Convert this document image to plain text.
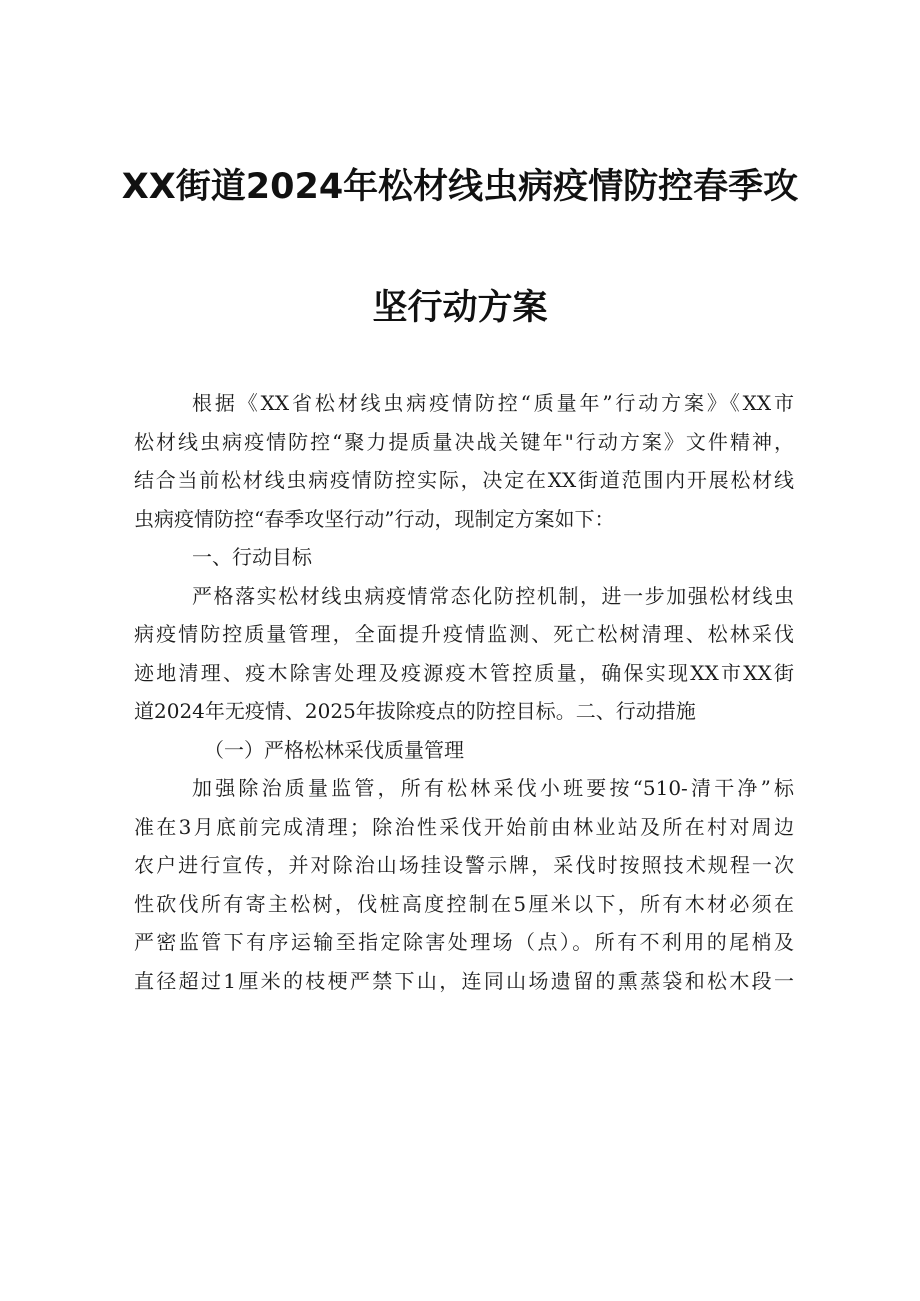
XX街道2024年松材线虫病疫情防控春季攻
坚行动方案

根据《XX省松材线虫病疫情防控“质量年”行动方案》《XX市
松材线虫病疫情防控“聚力提质量决战关键年"行动方案》文件精神，
结合当前松材线虫病疫情防控实际，决定在XX街道范围内开展松材线
虫病疫情防控“春季攻坚行动”行动，现制定方案如下：

一、行动目标

严格落实松材线虫病疫情常态化防控机制，进一步加强松材线虫
病疫情防控质量管理，全面提升疫情监测、死亡松树清理、松林采伐
迹地清理、疫木除害处理及疫源疫木管控质量，确保实现XX市XX街
道2024年无疫情、2025年拔除疫点的防控目标。二、行动措施

（一）严格松林采伐质量管理

加强除治质量监管，所有松林采伐小班要按“510-清干净”标
准在3月底前完成清理；除治性采伐开始前由林业站及所在村对周边
农户进行宣传，并对除治山场挂设警示牌，采伐时按照技术规程一次
性砍伐所有寄主松树，伐桩高度控制在5厘米以下，所有木材必须在
严密监管下有序运输至指定除害处理场（点）。所有不利用的尾梢及
直径超过1厘米的枝梗严禁下山，连同山场遗留的熏蒸袋和松木段一
